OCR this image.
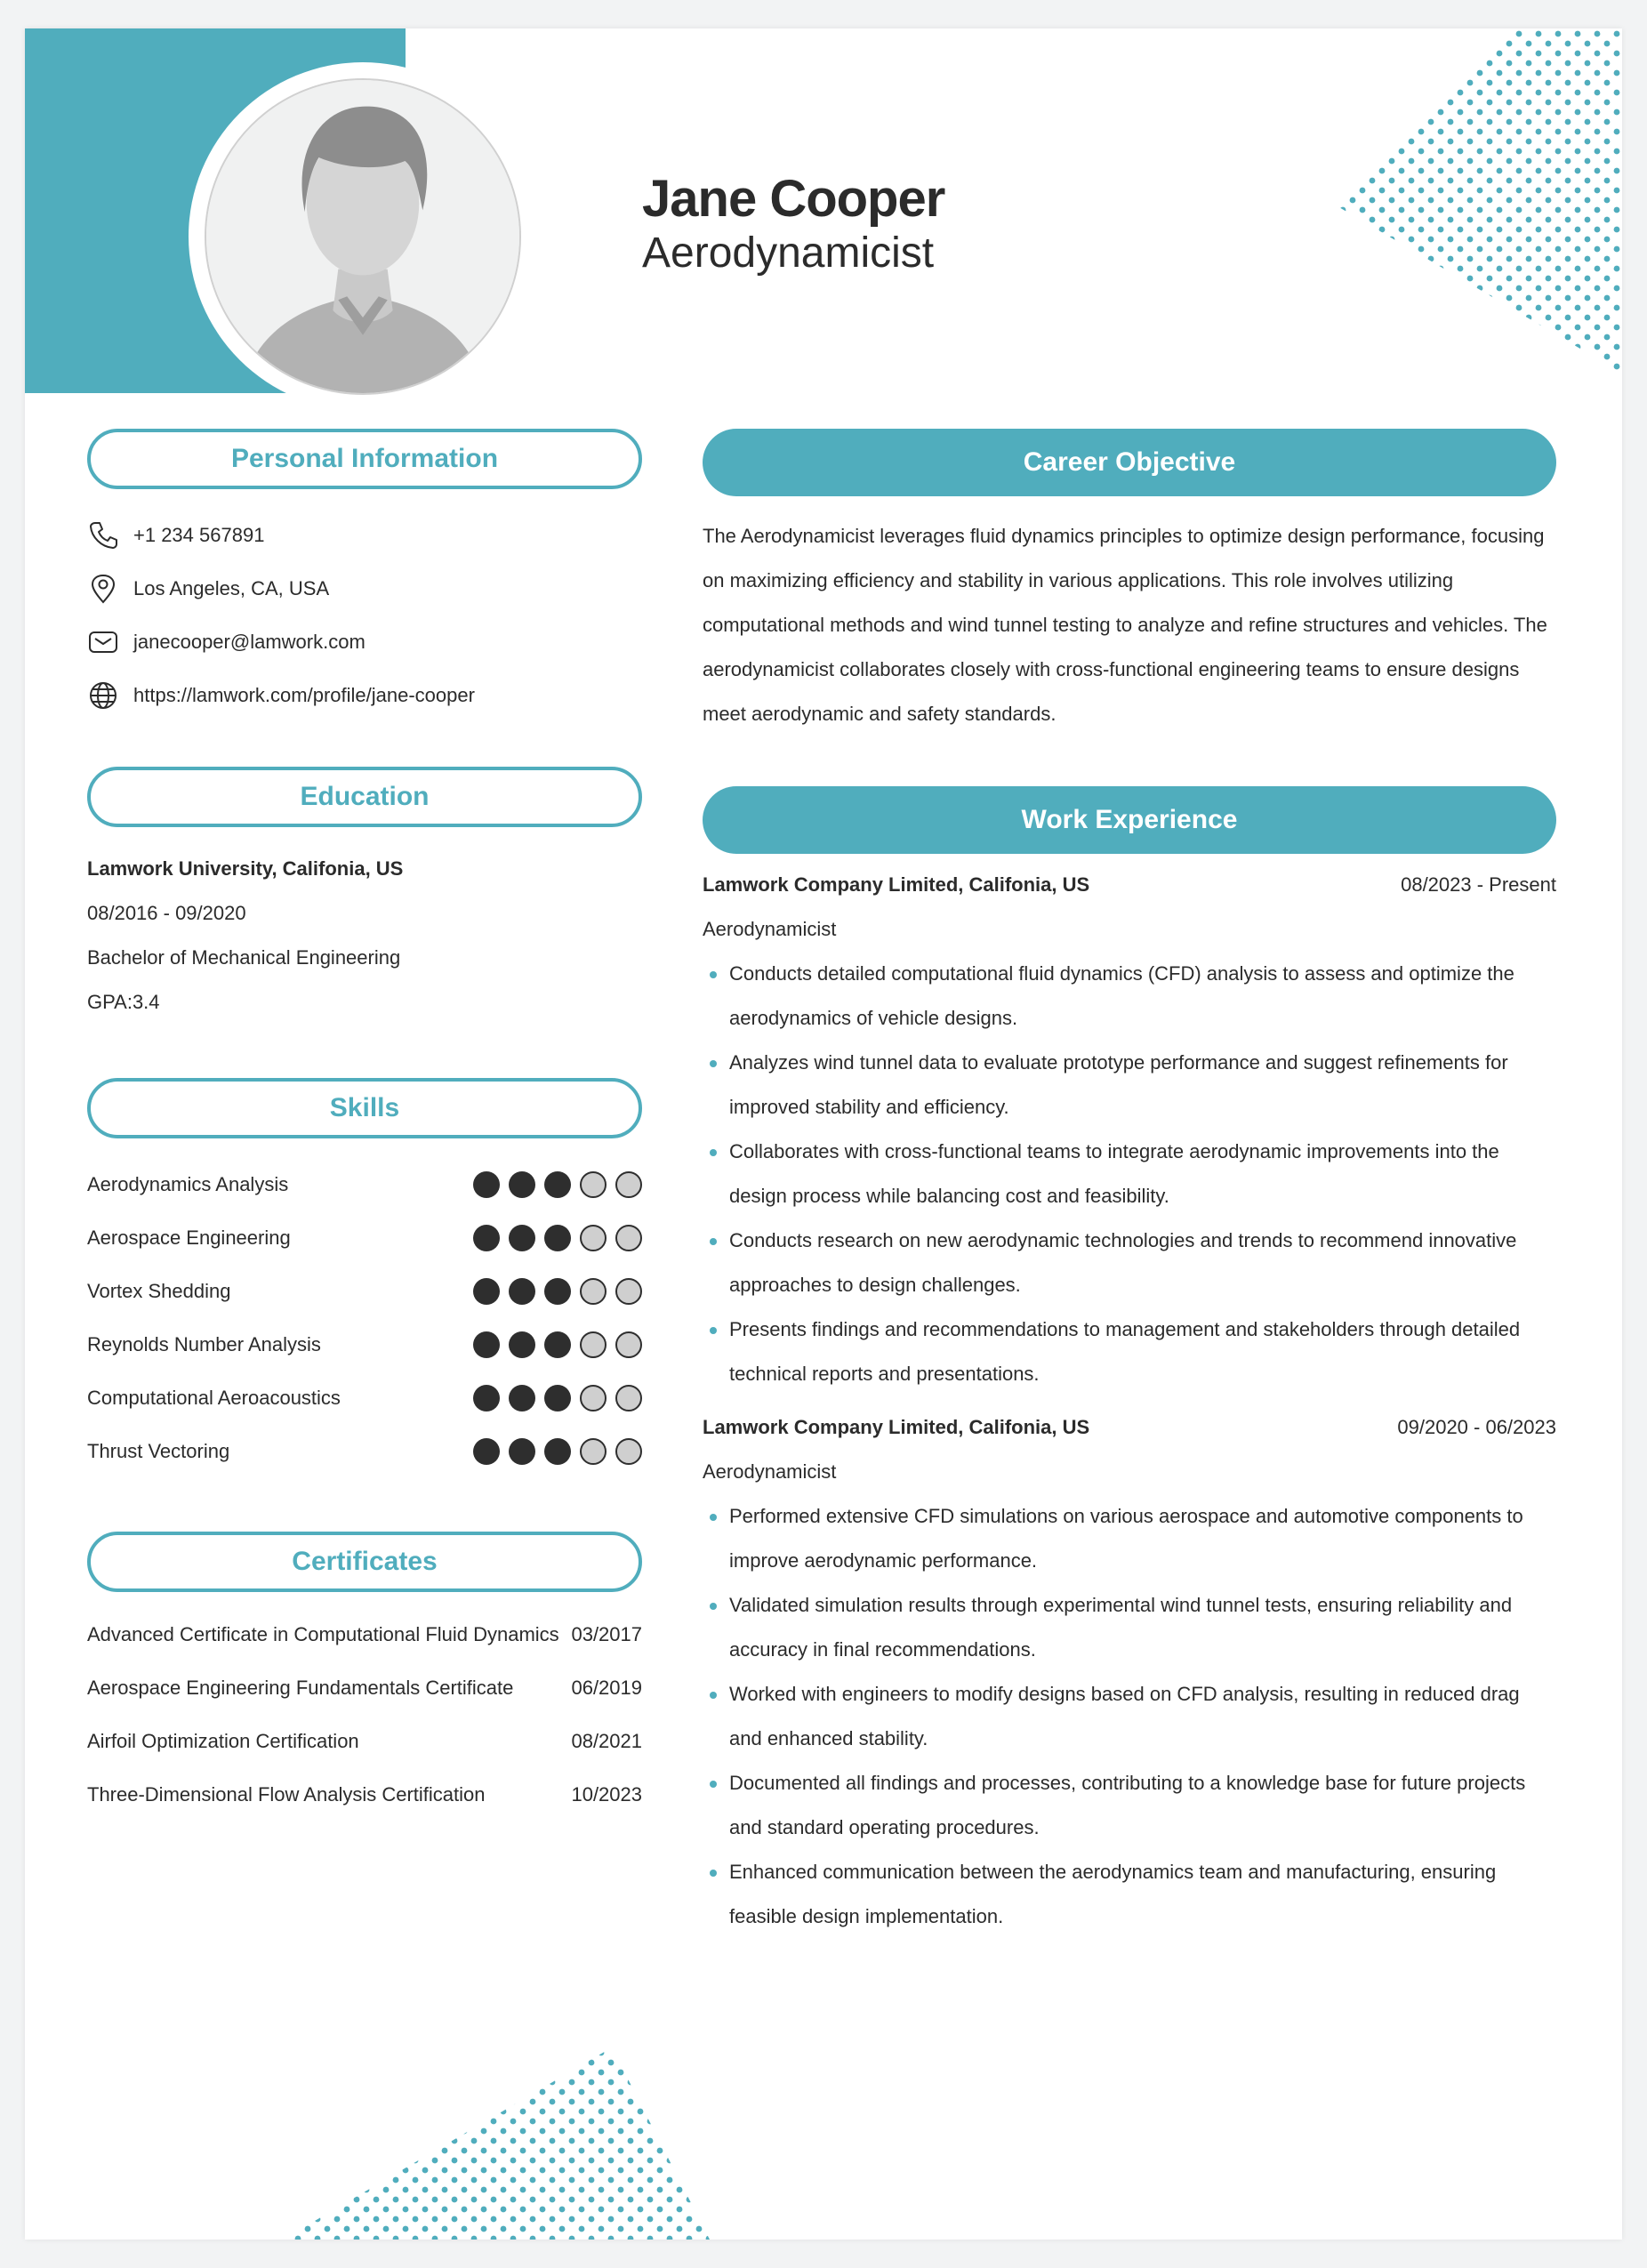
Jane Cooper
Aerodynamicist
Personal Information
+1 234 567891
Los Angeles, CA, USA
janecooper@lamwork.com
https://lamwork.com/profile/jane-cooper
Education
Lamwork University, Califonia, US
08/2016 - 09/2020
Bachelor of Mechanical Engineering
GPA:3.4
Skills
Aerodynamics Analysis
Aerospace Engineering
Vortex Shedding
Reynolds Number Analysis
Computational Aeroacoustics
Thrust Vectoring
Certificates
Advanced Certificate in Computational Fluid Dynamics 03/2017
Aerospace Engineering Fundamentals Certificate	06/2019
Airfoil Optimization Certification	08/2021
Three-Dimensional Flow Analysis Certification	10/2023
Career Objective
The Aerodynamicist leverages fluid dynamics principles to optimize design performance, focusing on maximizing efficiency and stability in various applications. This role involves utilizing computational methods and wind tunnel testing to analyze and refine structures and vehicles. The aerodynamicist collaborates closely with cross-functional engineering teams to ensure designs meet aerodynamic and safety standards.
Work Experience
Lamwork Company Limited, Califonia, US	08/2023 - Present
Aerodynamicist
Conducts detailed computational fluid dynamics (CFD) analysis to assess and optimize the aerodynamics of vehicle designs.
Analyzes wind tunnel data to evaluate prototype performance and suggest refinements for improved stability and efficiency.
Collaborates with cross-functional teams to integrate aerodynamic improvements into the design process while balancing cost and feasibility.
Conducts research on new aerodynamic technologies and trends to recommend innovative approaches to design challenges.
Presents findings and recommendations to management and stakeholders through detailed technical reports and presentations.
Lamwork Company Limited, Califonia, US	09/2020 - 06/2023
Aerodynamicist
Performed extensive CFD simulations on various aerospace and automotive components to improve aerodynamic performance.
Validated simulation results through experimental wind tunnel tests, ensuring reliability and accuracy in final recommendations.
Worked with engineers to modify designs based on CFD analysis, resulting in reduced drag and enhanced stability.
Documented all findings and processes, contributing to a knowledge base for future projects and standard operating procedures.
Enhanced communication between the aerodynamics team and manufacturing, ensuring feasible design implementation.
